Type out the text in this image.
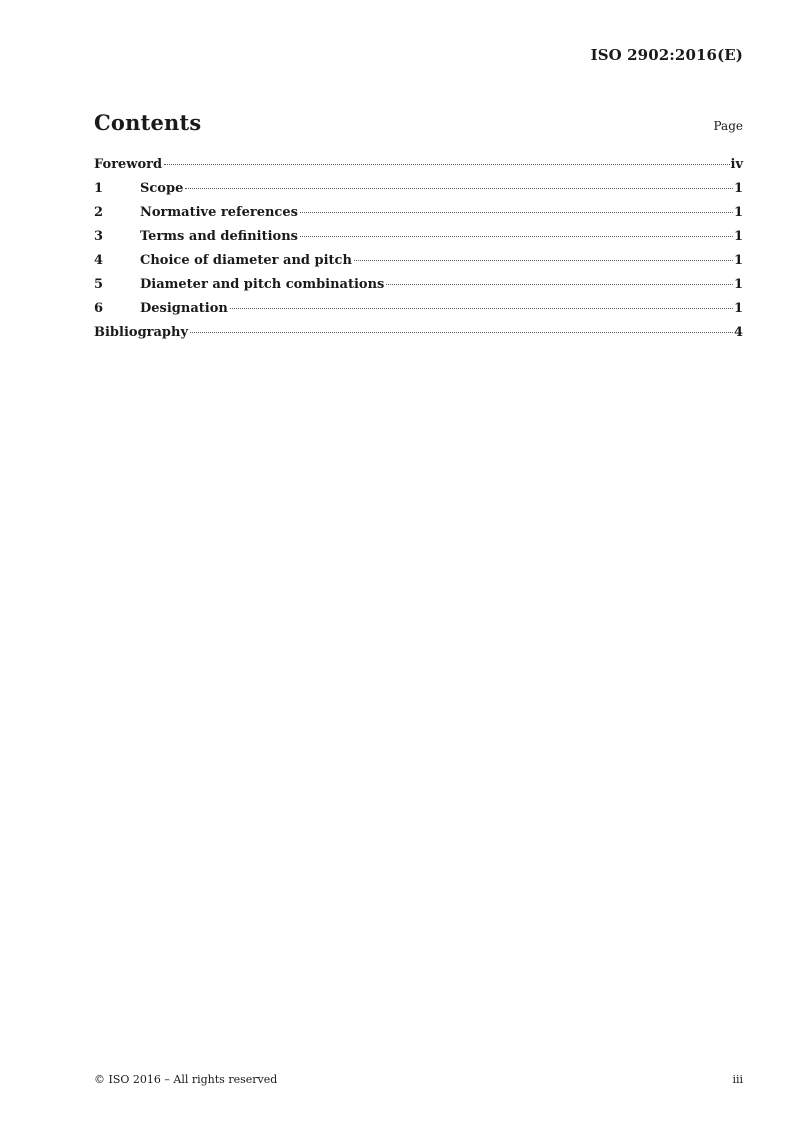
ISO 2902:2016(E)
Contents	Page
Foreword	iv
1	Scope	1
2	Normative references	1
3	Terms and definitions	1
4	Choice of diameter and pitch	1
5	Diameter and pitch combinations	1
6	Designation	1
Bibliography	4
© ISO 2016 – All rights reserved	iii
